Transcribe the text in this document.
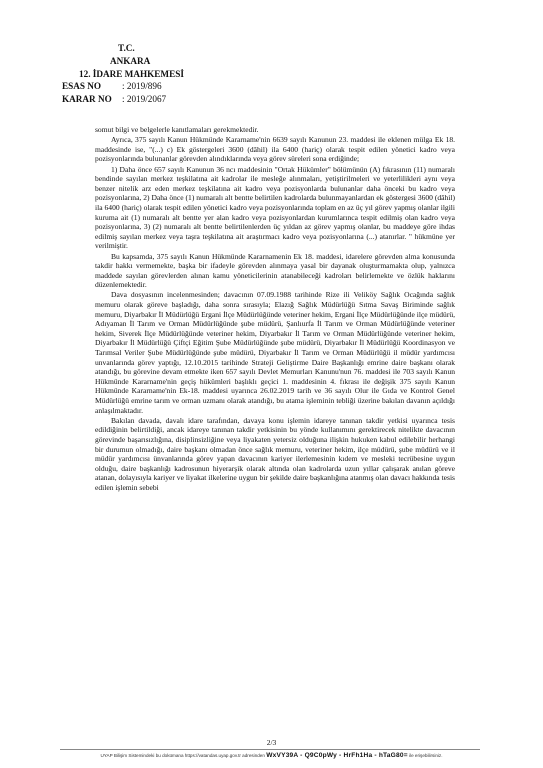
T.C.
ANKARA
12. İDARE MAHKEMESİ
ESAS NO	: 2019/896
KARAR NO	: 2019/2067

somut bilgi ve belgelerle kanıtlamaları gerekmektedir.

Ayrıca, 375 sayılı Kanun Hükmünde Kararname'nin 6639 sayılı Kanunun 23. maddesi ile eklenen mülga Ek 18. maddesinde ise, "(...) c) Ek göstergeleri 3600 (dâhil) ila 6400 (hariç) olarak tespit edilen yönetici kadro veya pozisyonlarında bulunanlar görevden alındıklarında veya görev süreleri sona erdiğinde;

1) Daha önce 657 sayılı Kanunun 36 ncı maddesinin "Ortak Hükümler" bölümünün (A) fıkrasının (11) numaralı bendinde sayılan merkez teşkilatına ait kadrolar ile mesleğe alınmaları, yetiştirilmeleri ve yeterlilikleri aynı veya benzer nitelik arz eden merkez teşkilatına ait kadro veya pozisyonlarda bulunanlar daha önceki bu kadro veya pozisyonlarına, 2) Daha önce (1) numaralı alt bentte belirtilen kadrolarda bulunmayanlardan ek göstergesi 3600 (dâhil) ila 6400 (hariç) olarak tespit edilen yönetici kadro veya pozisyonlarında toplam en az üç yıl görev yapmış olanlar ilgili kuruma ait (1) numaralı alt bentte yer alan kadro veya pozisyonlardan kurumlarınca tespit edilmiş olan kadro veya pozisyonlarına, 3) (2) numaralı alt bentte belirtilenlerden üç yıldan az görev yapmış olanlar, bu maddeye göre ihdas edilmiş sayılan merkez veya taşra teşkilatına ait araştırmacı kadro veya pozisyonlarına (...) atanırlar. " hükmüne yer verilmiştir.

Bu kapsamda, 375 sayılı Kanun Hükmünde Kararnamenin Ek 18. maddesi, idarelere görevden alma konusunda takdir hakkı vermemekte, başka bir ifadeyle görevden alınmaya yasal bir dayanak oluşturmamakta olup, yalnızca maddede sayılan görevlerden alınan kamu yöneticilerinin atanabileceği kadroları belirlemekte ve özlük haklarını düzenlemektedir.

Dava dosyasının incelenmesinden; davacının 07.09.1988 tarihinde Rize ili Veliköy Sağlık Ocağında sağlık memuru olarak göreve başladığı, daha sonra sırasıyla; Elazığ Sağlık Müdürlüğü Sıtma Savaş Biriminde sağlık memuru, Diyarbakır İl Müdürlüğü Ergani İlçe Müdürlüğünde veteriner hekim, Ergani İlçe Müdürlüğünde ilçe müdürü, Adıyaman İl Tarım ve Orman Müdürlüğünde şube müdürü, Şanlıurfa İl Tarım ve Orman Müdürlüğünde veteriner hekim, Siverek İlçe Müdürlüğünde veteriner hekim, Diyarbakır İl Tarım ve Orman Müdürlüğünde veteriner hekim, Diyarbakır İl Müdürlüğü Çiftçi Eğitim Şube Müdürlüğünde şube müdürü, Diyarbakır İl Müdürlüğü Koordinasyon ve Tarımsal Veriler Şube Müdürlüğünde şube müdürü, Diyarbakır İl Tarım ve Orman Müdürlüğü il müdür yardımcısı unvanlarında görev yaptığı, 12.10.2015 tarihinde Strateji Geliştirme Daire Başkanlığı emrine daire başkanı olarak atandığı, bu görevine devam etmekte iken 657 sayılı Devlet Memurları Kanunu'nun 76. maddesi ile 703 sayılı Kanun Hükmünde Kararname'nin geçiş hükümleri başlıklı geçici 1. maddesinin 4. fıkrası ile değişik 375 sayılı Kanun Hükmünde Kararname'nin Ek-18. maddesi uyarınca 26.02.2019 tarih ve 36 sayılı Olur ile Gıda ve Kontrol Genel Müdürlüğü emrine tarım ve orman uzmanı olarak atandığı, bu atama işleminin tebliği üzerine bakılan davanın açıldığı anlaşılmaktadır.

Bakılan davada, davalı idare tarafından, davaya konu işlemin idareye tanınan takdir yetkisi uyarınca tesis edildiğinin belirtildiği, ancak idareye tanınan takdir yetkisinin bu yönde kullanımını gerektirecek nitelikte davacının görevinde başarısızlığına, disiplinsizliğine veya liyakaten yetersiz olduğuna ilişkin hukuken kabul edilebilir herhangi bir durumun olmadığı, daire başkanı olmadan önce sağlık memuru, veteriner hekim, ilçe müdürü, şube müdürü ve il müdür yardımcısı ünvanlarında görev yapan davacının kariyer ilerlemesinin kıdem ve mesleki tecrübesine uygun olduğu, daire başkanlığı kadrosunun hiyerarşik olarak altında olan kadrolarda uzun yıllar çalışarak anılan göreve atanan, dolayısıyla kariyer ve liyakat ilkelerine uygun bir şekilde daire başkanlığına atanmış olan davacı hakkında tesis edilen işlemin sebebi

2/3
UYAP Bilişim Sistemindeki bu dokümana https://vatandas.uyap.gov.tr adresinden WxVY39A - Q9C0pWy - HrFh1Ha - hTaG80= ile erişebilirsiniz.
